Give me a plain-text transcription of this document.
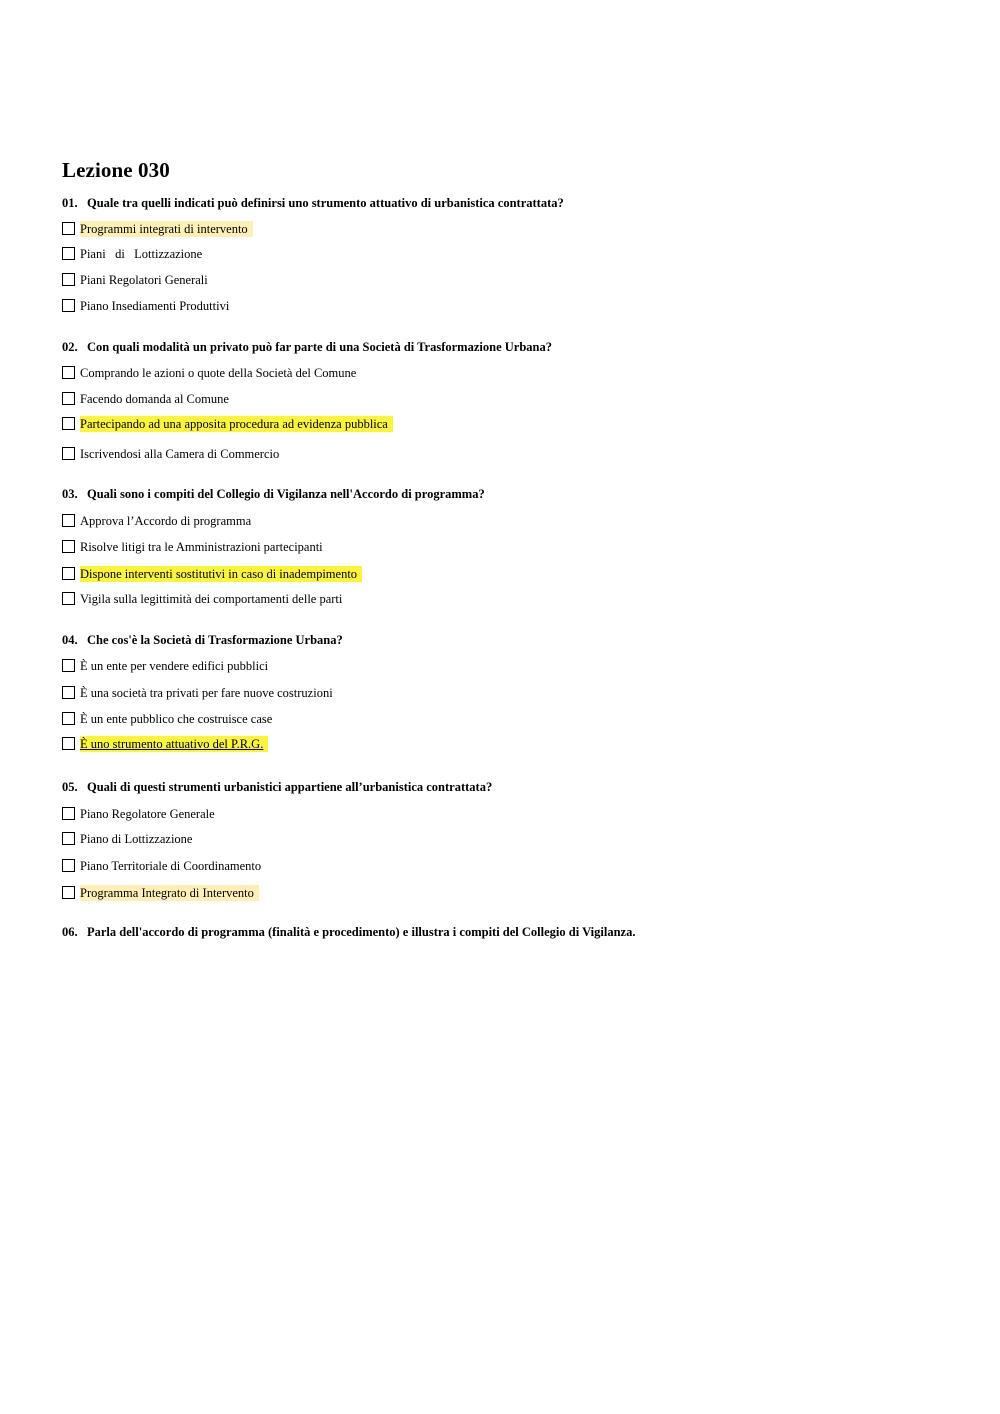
Lezione 030
01. Quale tra quelli indicati può definirsi uno strumento attuativo di urbanistica contrattata?
Programmi integrati di intervento
Piani   di   Lottizzazione
Piani Regolatori Generali
Piano Insediamenti Produttivi
02. Con quali modalità un privato può far parte di una Società di Trasformazione Urbana?
Comprando le azioni o quote della Società del Comune
Facendo domanda al Comune
Partecipando ad una apposita procedura ad evidenza pubblica
Iscrivendosi alla Camera di Commercio
03. Quali sono i compiti del Collegio di Vigilanza nell'Accordo di programma?
Approva l’Accordo di programma
Risolve litigi tra le Amministrazioni partecipanti
Dispone interventi sostitutivi in caso di inadempimento
Vigila sulla legittimità dei comportamenti delle parti
04. Che cos'è la Società di Trasformazione Urbana?
È un ente per vendere edifici pubblici
È una società tra privati per fare nuove costruzioni
È un ente pubblico che costruisce case
È uno strumento attuativo del P.R.G.
05. Quali di questi strumenti urbanistici appartiene all’urbanistica contrattata?
Piano Regolatore Generale
Piano di Lottizzazione
Piano Territoriale di Coordinamento
Programma Integrato di Intervento
06. Parla dell'accordo di programma (finalità e procedimento) e illustra i compiti del Collegio di Vigilanza.
